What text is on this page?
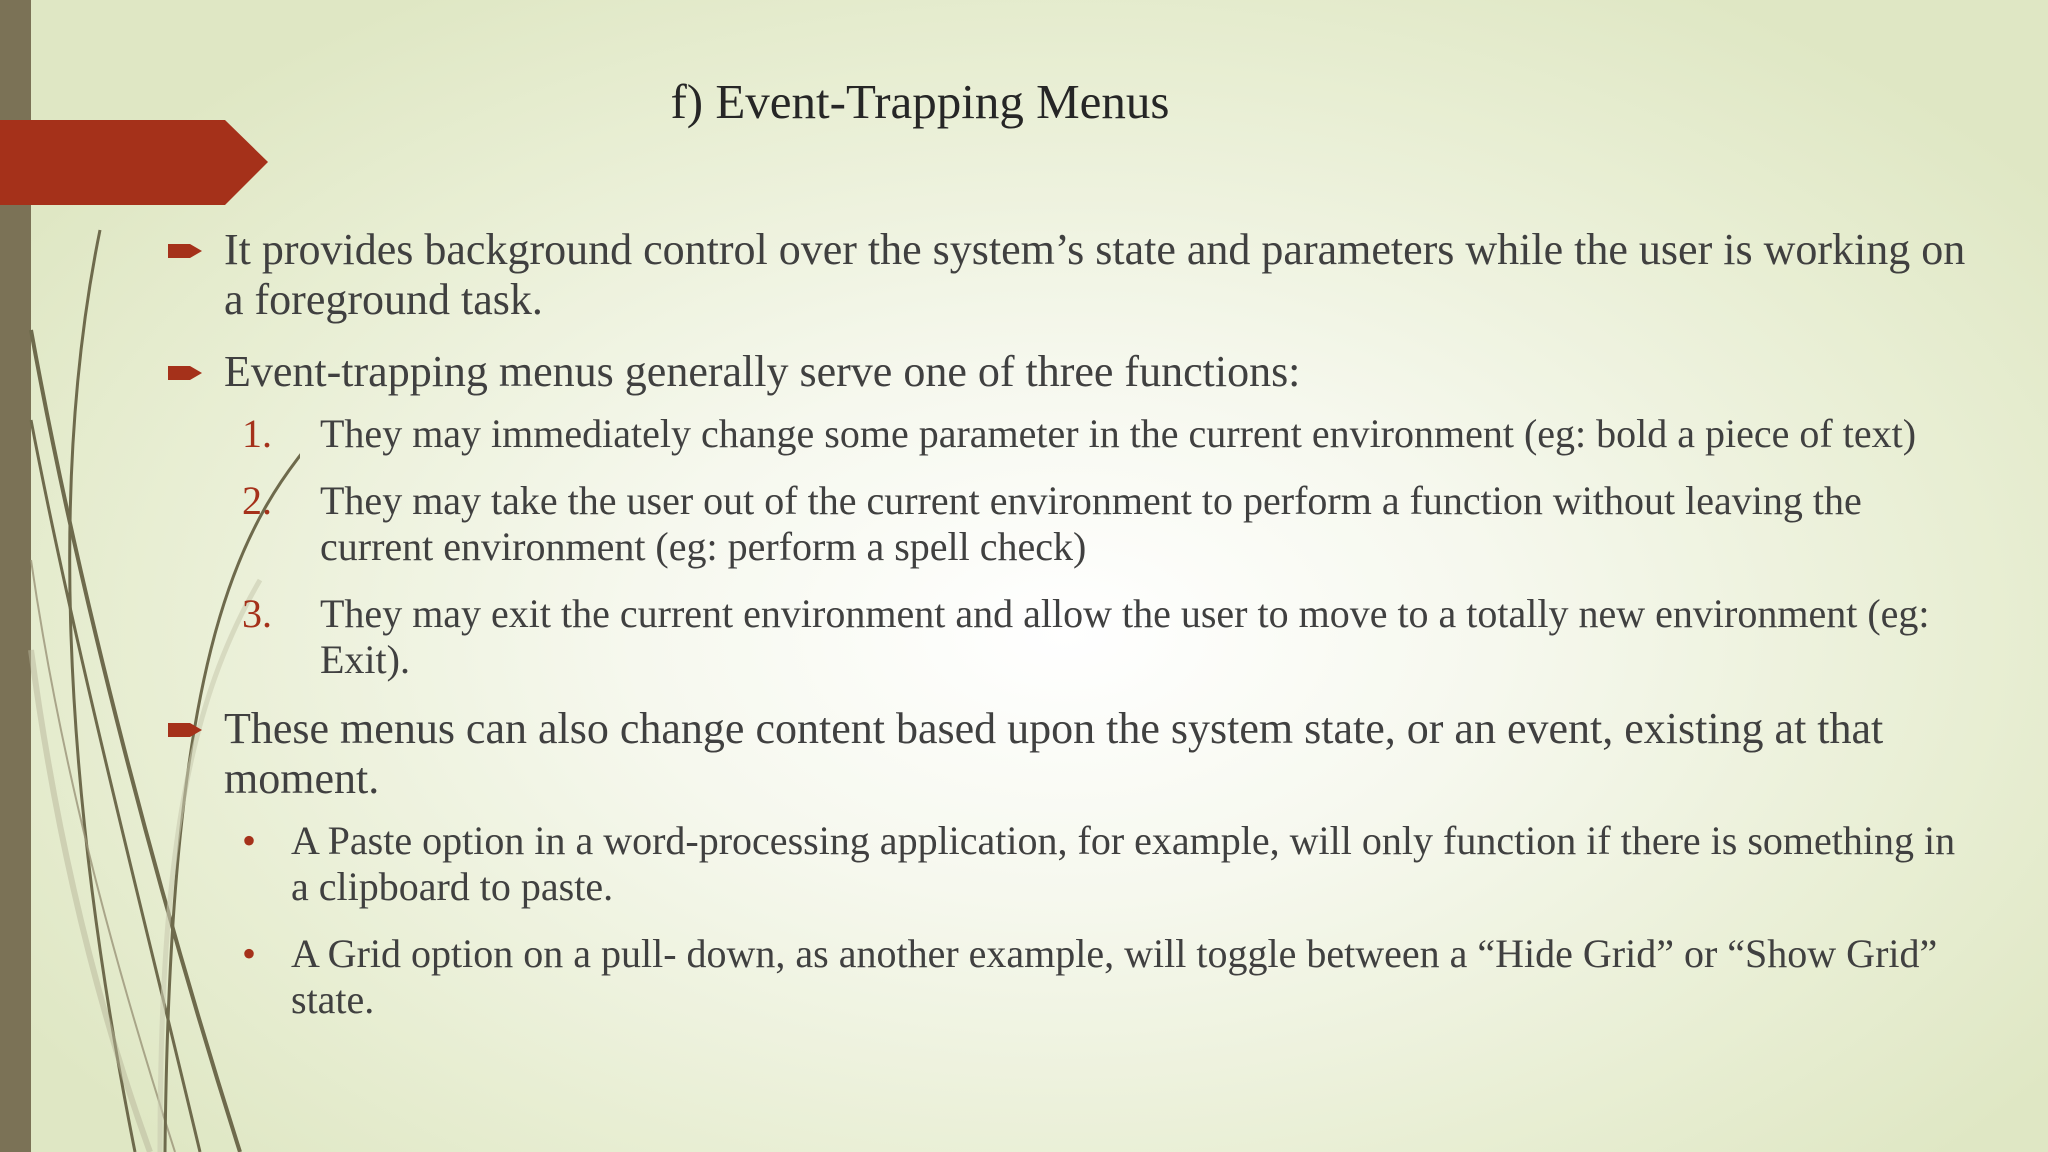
f) Event-Trapping Menus
It provides background control over the system’s state and parameters while the user is working on a foreground task.
Event-trapping menus generally serve one of three functions:
1. They may immediately change some parameter in the current environment (eg: bold a piece of text)
2. They may take the user out of the current environment to perform a function without leaving the current environment (eg: perform a spell check)
3. They may exit the current environment and allow the user to move to a totally new environment (eg: Exit).
These menus can also change content based upon the system state, or an event, existing at that moment.
• A Paste option in a word-processing application, for example, will only function if there is something in a clipboard to paste.
• A Grid option on a pull- down, as another example, will toggle between a “Hide Grid” or “Show Grid” state.
